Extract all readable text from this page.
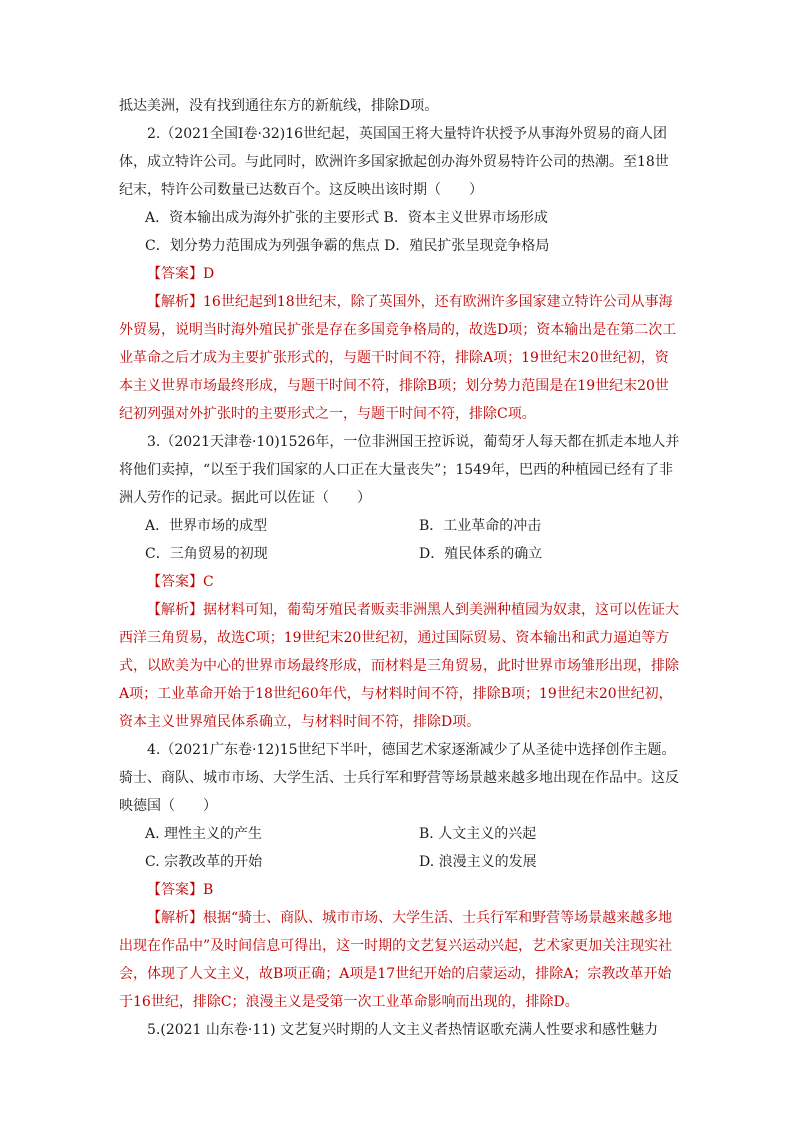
抵达美洲，没有找到通往东方的新航线，排除D项。
2.（2021全国Ⅰ卷·32)16世纪起，英国国王将大量特许状授予从事海外贸易的商人团
体，成立特许公司。与此同时，欧洲许多国家掀起创办海外贸易特许公司的热潮。至18世
纪末，特许公司数量已达数百个。这反映出该时期（　　）
A．资本输出成为海外扩张的主要形式 B．资本主义世界市场形成
C．划分势力范围成为列强争霸的焦点 D．殖民扩张呈现竞争格局
【答案】D
【解析】16世纪起到18世纪末，除了英国外，还有欧洲许多国家建立特许公司从事海
外贸易，说明当时海外殖民扩张是存在多国竞争格局的，故选D项；资本输出是在第二次工
业革命之后才成为主要扩张形式的，与题干时间不符，排除A项；19世纪末20世纪初，资
本主义世界市场最终形成，与题干时间不符，排除B项；划分势力范围是在19世纪末20世
纪初列强对外扩张时的主要形式之一，与题干时间不符，排除C项。
3.（2021天津卷·10)1526年，一位非洲国王控诉说，葡萄牙人每天都在抓走本地人并
将他们卖掉，“以至于我们国家的人口正在大量丧失”；1549年，巴西的种植园已经有了非
洲人劳作的记录。据此可以佐证（　　）
A．世界市场的成型	B．工业革命的冲击
C．三角贸易的初现	D．殖民体系的确立
【答案】C
【解析】据材料可知，葡萄牙殖民者贩卖非洲黑人到美洲种植园为奴隶，这可以佐证大
西洋三角贸易，故选C项；19世纪末20世纪初，通过国际贸易、资本输出和武力逼迫等方
式，以欧美为中心的世界市场最终形成，而材料是三角贸易，此时世界市场雏形出现，排除
A项；工业革命开始于18世纪60年代，与材料时间不符，排除B项；19世纪末20世纪初，
资本主义世界殖民体系确立，与材料时间不符，排除D项。
4.（2021广东卷·12)15世纪下半叶，德国艺术家逐渐减少了从圣徒中选择创作主题。
骑士、商队、城市市场、大学生活、士兵行军和野营等场景越来越多地出现在作品中。这反
映德国（　　）
A. 理性主义的产生	B. 人文主义的兴起
C. 宗教改革的开始	D. 浪漫主义的发展
【答案】B
【解析】根据“骑士、商队、城市市场、大学生活、士兵行军和野营等场景越来越多地
出现在作品中”及时间信息可得出，这一时期的文艺复兴运动兴起，艺术家更加关注现实社
会，体现了人文主义，故B项正确；A项是17世纪开始的启蒙运动，排除A；宗教改革开始
于16世纪，排除C；浪漫主义是受第一次工业革命影响而出现的，排除D。
5.(2021 山东卷·11) 文艺复兴时期的人文主义者热情讴歌充满人性要求和感性魅力
